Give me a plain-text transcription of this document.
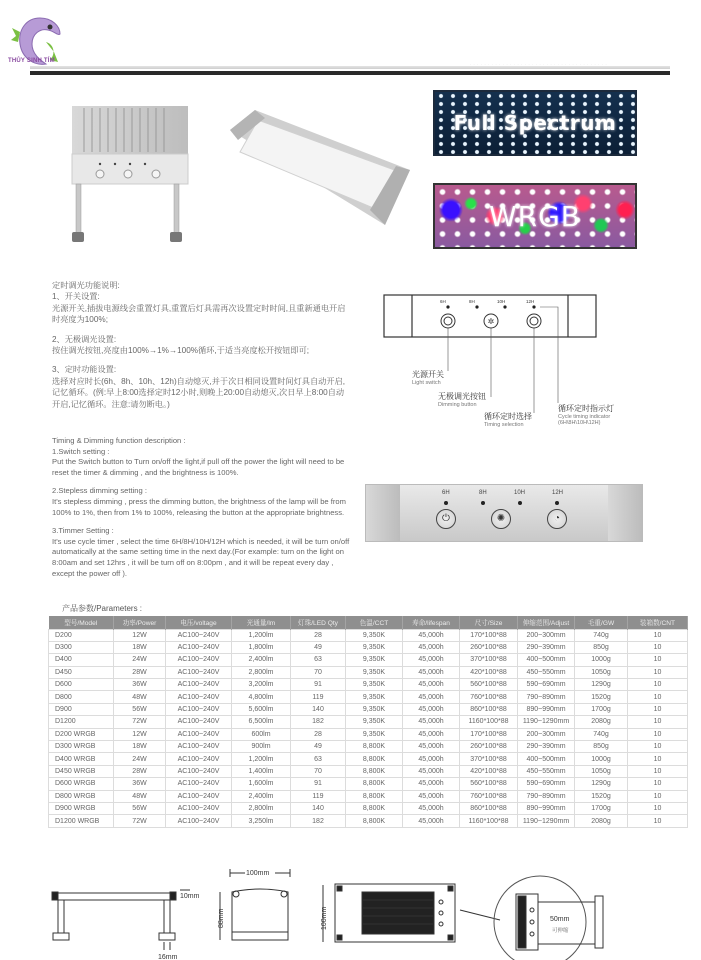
THỦY SINH TÍM	. . . . . . . . . . . . . . . . . . . . . . . . . . . . . . . . . . . . . .
Full Spectrum
WRGB
定时调光功能说明:
1、开关设置:
光源开关,插拔电源线会重置灯具,重置后灯具需再次设置定时时间,且重新通电开启时亮度为100%;
2、无极调光设置:
按住调光按钮,亮度由100%→1%→100%循环,于适当亮度松开按钮即可;
3、定时功能设置:
选择对应时长(6h、8h、10h、12h)自动熄灭,并于次日相同设置时间灯具自动开启,记忆循环。(例:早上8:00选择定时12小时,则晚上20:00自动熄灭,次日早上8:00自动开启,记忆循环。注意:请勿断电。)
Timing & Dimming function description :
1.Switch setting :
Put the Switch button to Turn on/off the light,if pull off the power the light will need to be reset the timer & dimming , and the brightness is 100%.
2.Stepless dimming setting :
It's stepless dimming , press the dimming button, the brightness of the lamp will be from 100% to 1%, then from 1% to 100%, releasing the button at the appropriate brightness.
3.Timmer Setting :
It's use cycle timer , select the time 6H/8H/10H/12H which is needed, it will be turn on/off automatically at the same setting time in the next day.(For example: turn on the light on 8:00am and set 12hrs , it will be turn off on 8:00pm , and it will be repeat every day , except the power off ).
✲
6H	8H	10H	12H
光源开关
Light switch
无极调光按钮
Dimming button
循环定时选择
Timing selection
循环定时指示灯
Cycle timing indicator
(6H\8H\10H\12H)
6H	8H	10H	12H
⏻	✺	◔
产品参数/Parameters :
型号/Model	功率/Power	电压/voltage	光通量/lm	灯珠/LED Qty	色温/CCT	寿命/lifespan	尺寸/Size	伸缩范围/Adjust	毛重/GW	装箱数/CNT
D200	12W	AC100~240V	1,200lm	28	9,350K	45,000h	170*100*88	200~300mm	740g	10
D300	18W	AC100~240V	1,800lm	49	9,350K	45,000h	260*100*88	290~390mm	850g	10
D400	24W	AC100~240V	2,400lm	63	9,350K	45,000h	370*100*88	400~500mm	1000g	10
D450	28W	AC100~240V	2,800lm	70	9,350K	45,000h	420*100*88	450~550mm	1050g	10
D600	36W	AC100~240V	3,200lm	91	9,350K	45,000h	560*100*88	590~690mm	1290g	10
D800	48W	AC100~240V	4,800lm	119	9,350K	45,000h	760*100*88	790~890mm	1520g	10
D900	56W	AC100~240V	5,600lm	140	9,350K	45,000h	860*100*88	890~990mm	1700g	10
D1200	72W	AC100~240V	6,500lm	182	9,350K	45,000h	1160*100*88	1190~1290mm	2080g	10
D200 WRGB	12W	AC100~240V	600lm	28	9,350K	45,000h	170*100*88	200~300mm	740g	10
D300 WRGB	18W	AC100~240V	900lm	49	8,800K	45,000h	260*100*88	290~390mm	850g	10
D400 WRGB	24W	AC100~240V	1,200lm	63	8,800K	45,000h	370*100*88	400~500mm	1000g	10
D450 WRGB	28W	AC100~240V	1,400lm	70	8,800K	45,000h	420*100*88	450~550mm	1050g	10
D600 WRGB	36W	AC100~240V	1,600lm	91	8,800K	45,000h	560*100*88	590~690mm	1290g	10
D800 WRGB	48W	AC100~240V	2,400lm	119	8,800K	45,000h	760*100*88	790~890mm	1520g	10
D900 WRGB	56W	AC100~240V	2,800lm	140	8,800K	45,000h	860*100*88	890~990mm	1700g	10
D1200 WRGB	72W	AC100~240V	3,250lm	182	8,800K	45,000h	1160*100*88	1190~1290mm	2080g	10
10mm
16mm
100mm
88mm	100mm	50mm
可伸缩
